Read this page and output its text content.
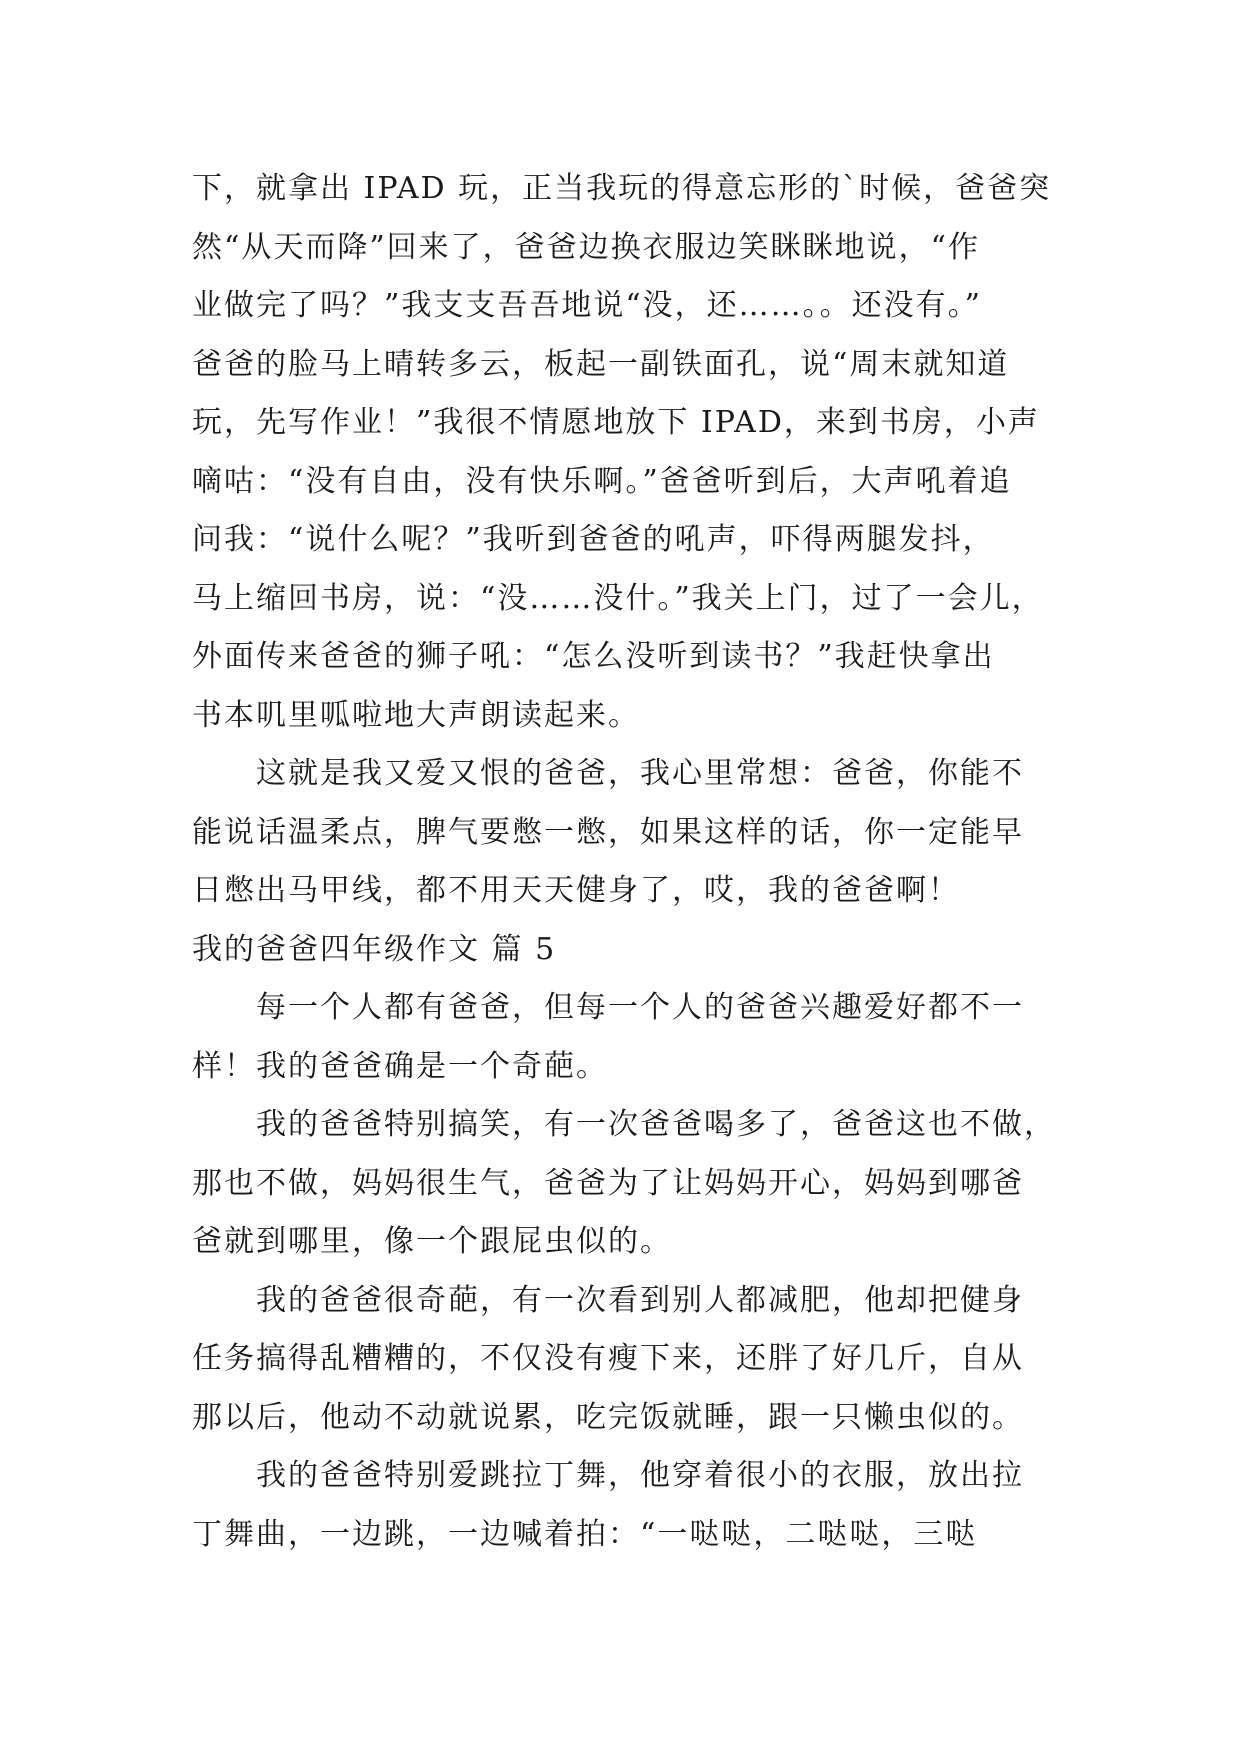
下，就拿出 IPAD 玩，正当我玩的得意忘形的`时候，爸爸突
然“从天而降”回来了，爸爸边换衣服边笑眯眯地说，“作
业做完了吗？”我支支吾吾地说“没，还……。。还没有。”
爸爸的脸马上晴转多云，板起一副铁面孔，说“周末就知道
玩，先写作业！”我很不情愿地放下 IPAD，来到书房，小声
嘀咕：“没有自由，没有快乐啊。”爸爸听到后，大声吼着追
问我：“说什么呢？”我听到爸爸的吼声，吓得两腿发抖，
马上缩回书房，说：“没……没什。”我关上门，过了一会儿，
外面传来爸爸的狮子吼：“怎么没听到读书？”我赶快拿出
书本叽里呱啦地大声朗读起来。
这就是我又爱又恨的爸爸，我心里常想：爸爸，你能不
能说话温柔点，脾气要憋一憋，如果这样的话，你一定能早
日憋出马甲线，都不用天天健身了，哎，我的爸爸啊！
我的爸爸四年级作文 篇 5
每一个人都有爸爸，但每一个人的爸爸兴趣爱好都不一
样！我的爸爸确是一个奇葩。
我的爸爸特别搞笑，有一次爸爸喝多了，爸爸这也不做，
那也不做，妈妈很生气，爸爸为了让妈妈开心，妈妈到哪爸
爸就到哪里，像一个跟屁虫似的。
我的爸爸很奇葩，有一次看到别人都减肥，他却把健身
任务搞得乱糟糟的，不仅没有瘦下来，还胖了好几斤，自从
那以后，他动不动就说累，吃完饭就睡，跟一只懒虫似的。
我的爸爸特别爱跳拉丁舞，他穿着很小的衣服，放出拉
丁舞曲，一边跳，一边喊着拍：“一哒哒，二哒哒，三哒
